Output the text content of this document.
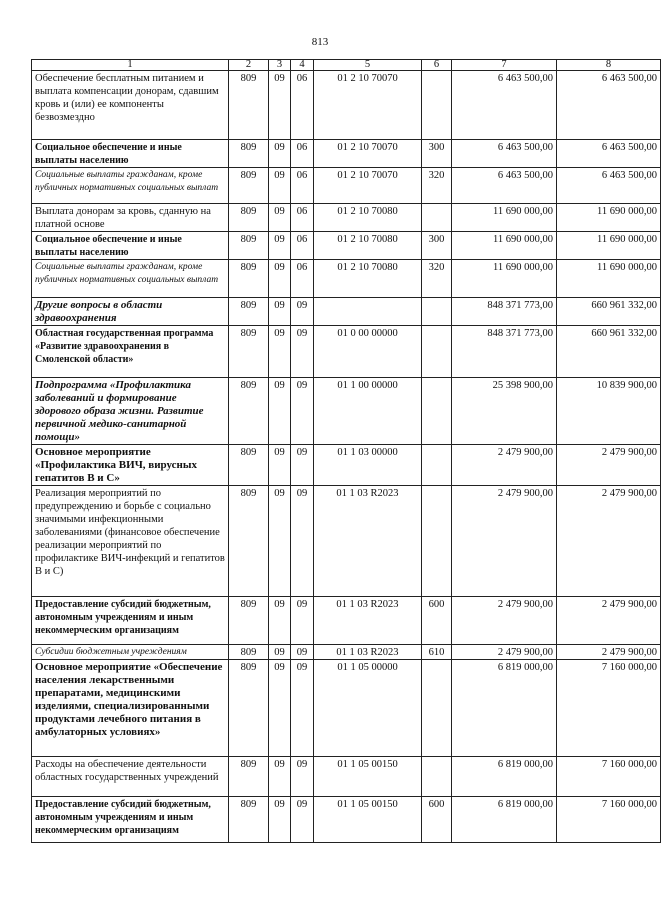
813
1	2	3	4	5	6	7	8
Обеспечение бесплатным питанием и выплата компенсации донорам, сдавшим кровь и (или) ее компоненты безвозмездно	809	09	06	01 2 10 70070		6 463 500,00	6 463 500,00
Социальное обеспечение и иные выплаты населению	809	09	06	01 2 10 70070	300	6 463 500,00	6 463 500,00
Социальные выплаты гражданам, кроме публичных нормативных социальных выплат	809	09	06	01 2 10 70070	320	6 463 500,00	6 463 500,00
Выплата донорам за кровь, сданную на платной основе	809	09	06	01 2 10 70080		11 690 000,00	11 690 000,00
Социальное обеспечение и иные выплаты населению	809	09	06	01 2 10 70080	300	11 690 000,00	11 690 000,00
Социальные выплаты гражданам, кроме публичных нормативных социальных выплат	809	09	06	01 2 10 70080	320	11 690 000,00	11 690 000,00
Другие вопросы в области здравоохранения	809	09	09			848 371 773,00	660 961 332,00
Областная государственная программа «Развитие здравоохранения в Смоленской области»	809	09	09	01 0 00 00000		848 371 773,00	660 961 332,00
Подпрограмма «Профилактика заболеваний и формирование здорового образа жизни. Развитие первичной медико-санитарной помощи»	809	09	09	01 1 00 00000		25 398 900,00	10 839 900,00
Основное мероприятие «Профилактика ВИЧ, вирусных гепатитов В и С»	809	09	09	01 1 03 00000		2 479 900,00	2 479 900,00
Реализация мероприятий по предупреждению и борьбе с социально значимыми инфекционными заболеваниями (финансовое обеспечение реализации мероприятий по профилактике ВИЧ-инфекций и гепатитов В и С)	809	09	09	01 1 03 R2023		2 479 900,00	2 479 900,00
Предоставление субсидий бюджетным, автономным учреждениям и иным некоммерческим организациям	809	09	09	01 1 03 R2023	600	2 479 900,00	2 479 900,00
Субсидии бюджетным учреждениям	809	09	09	01 1 03 R2023	610	2 479 900,00	2 479 900,00
Основное мероприятие «Обеспечение населения лекарственными препаратами, медицинскими изделиями, специализированными продуктами лечебного питания в амбулаторных условиях»	809	09	09	01 1 05 00000		6 819 000,00	7 160 000,00
Расходы на обеспечение деятельности областных государственных учреждений	809	09	09	01 1 05 00150		6 819 000,00	7 160 000,00
Предоставление субсидий бюджетным, автономным учреждениям и иным некоммерческим организациям	809	09	09	01 1 05 00150	600	6 819 000,00	7 160 000,00
